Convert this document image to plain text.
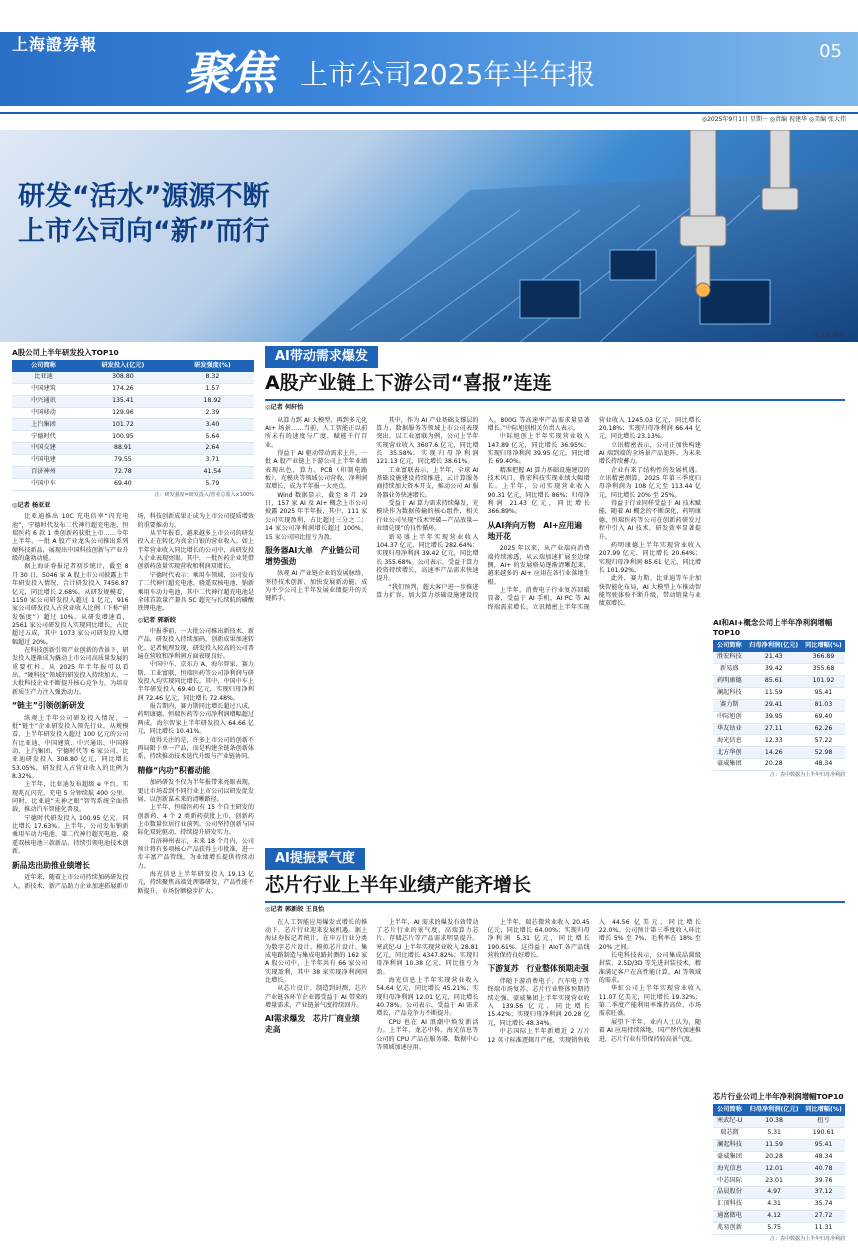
上海證券報
聚焦 上市公司2025年半年报
05
◎2025年9月1日 星期一 ◎责编 祝建华 ◎美编 张大伟
研发“活水”源源不断
上市公司向“新”而行
张大伟 制图
A股公司上半年研发投入TOP10
公司简称	研发投入(亿元)	研发强度(%)
比亚迪	308.80	8.32
中国建筑	174.26	1.57
中兴通讯	135.41	18.92
中国移动	129.96	2.39
上汽集团	101.72	3.40
宁德时代	100.95	5.64
中国交建	88.91	2.64
中国电建	79.55	3.71
百济神州	72.78	41.54
中国中车	69.40	5.79
注：研发强度=研发投入/营业总收入×100%
◎记者 杨亚亚

比亚迪推出 10C 充电倍率“闪充电池”，宁德时代发布二代神行超充电池，恒瑞医药 6 款 1 类创新药获批上市……今年上半年，一批 A 股产业龙头公司推出系列硬科技新品，展现出中国科技创新与产业升级的蓬勃动能。

据上海证券报记者初步统计，截至 8 月 30 日，5046 家 A 股上市公司披露上半年研发投入情况，合计研发投入 7456.87 亿元，同比增长 2.68%。从研发规模看，1150 家公司研发投入超过 1 亿元，916 家公司研发投入占营业收入比例（下称“研发强度”）超过 10%。从研发增速看，2561 家公司研发投入实现同比增长，占比超过五成，其中 1073 家公司研发投入增幅超过 20%。

在科技创新引领产业创新的背景下，研发投入逐渐成为撬动上市公司高质量发展的重要杠杆。从 2025 年半年报可以看出，“硬科技”领域的研发投入持续加大，一大批科技企业不断提升核心竞争力，为培育新质生产力注入强劲动力。

“链主”引领创新研发

纵观上半年公司研发投入情况，一批“链主”企业研发投入领先行业。从规模看，上半年研发投入超过 100 亿元的公司有比亚迪、中国建筑、中兴通讯、中国移动、上汽集团、宁德时代等 6 家公司。比亚迪研发投入 308.80 亿元，同比增长 53.05%，研发投入占营业收入的比例为 8.32%。

上半年，比亚迪发布超级 e 平台，实现兆瓦闪充，充电 5 分钟续航 400 公里。同时，比亚迪“天神之眼”智驾系统全面搭载，推动汽车智能化普及。

宁德时代研发投入 100.95 亿元，同比增长 17.63%。上半年，公司发布钠新乘用车动力电池、第二代神行超充电池、骁遥双核电池三款新品，持续引领电池技术创新。

新品迭出助推业绩增长

近年来，随着上市公司持续加码研发投入，新技术、新产品助力企业加速拓展新市场，科技创新成果正成为上市公司提质增效的重要推动力。

从半年报看，越来越多上市公司的研发投入正在转化为真金白银的营业收入。如上半年营业收入同比增长的公司中，高研发投入企业表现亮眼。其中，一批医药企业凭借创新药放量实现营收和利润双增长。

宁德时代表示：乘用车领域，公司发布了二代神行超充电池、骁遥双核电池、钠新乘用车动力电池，其中二代神行超充电池是全球首款量产兼具 5C 超充与长续航的磷酸铁锂电池。

◎记者 郭新皎

中报季前，一大批公司推出新技术、新产品，研发投入持续加码，创新成果加速转化。记者梳理发现，研发投入较高的公司普遍在营收和净利润方面表现良好。

中国中车、京东方 A、海尔智家、赛力斯、工业富联、恒瑞医药等公司净利润与研发投入均实现同比增长。其中，中国中车上半年研发投入 69.40 亿元，实现归母净利润 72.46 亿元，同比增长 72.48%。

报告期内，赛力斯同比增长超过八成，药明康德、恒瑞医药等公司净利润增幅超过两成。海尔智家上半年研发投入 64.66 亿元，同比增长 10.41%。

值得关注的是，许多上市公司的创新不再局限于单一产品，而是构建全链条创新体系，持续推动技术迭代升级与产业链协同。

精修“内功”积蓄动能

加码研发不仅为半年报带来亮眼表现，更让市场看到不同行业上市公司以研发促发展、以创新谋未来的清晰路径。

上半年，恒瑞医药有 15 个自主研发的创新药、4 个 2 类新药获批上市，创新药上市数量位居行业前列。公司坚持创新与国际化双轮驱动，持续提升研发实力。

百济神州表示，未来 18 个月内，公司预计将有多项核心产品获得上市批准，进一步丰富产品管线，为业绩增长提供持续动力。

海光信息上半年研发投入 19.13 亿元，持续聚焦高端处理器研发，产品性能不断提升，市场份额稳步扩大。

AI带动需求爆发
A股产业链上下游公司“喜报”连连
◎记者 何轩怡

从算力到 AI 大模型，再到多元化 AI+ 场景……当前，人工智能正以前所未有的速度与广度，赋能千行百业。

得益于 AI 驱动带动需求上升，一批 A 股产业链上下游公司上半年业绩表现出色，算力、PCB（印制电路板）、光模块等领域公司营收、净利润双增长，成为半年报一大亮点。

Wind 数据显示，截至 8 月 29 日，157 家 AI 及 AI+ 概念上市公司披露 2025 年半年报，其中，111 家公司实现盈利，占比超过三分之二；14 家公司净利润增长超过 100%，15 家公司同比扭亏为盈。

服务器AI大单　产业链公司增势强劲

纵观 AI 产业链企业的发展脉络，坚持技术创新、加快发展新动能，成为不少公司上半年发展业绩提升的关键抓手。

其中，作为 AI 产业基础支撑层的算力、数据服务等领域上市公司表现突出。以工业富联为例，公司上半年实现营业收入 3607.6 亿元，同比增长 35.58%；实现归母净利润 121.13 亿元，同比增长 38.61%。

工业富联表示，上半年，全球 AI 基础设施建设持续推进，云计算服务商持续加大资本开支，推动公司 AI 服务器业务快速增长。

受益于 AI 算力需求持续爆发，光模块作为数据传输的核心组件，相关行业公司呈现“技术突破—产品放量—业绩兑现”的良性循环。

新易盛上半年实现营业收入 104.37 亿元，同比增长 282.64%；实现归母净利润 39.42 亿元，同比增长 355.68%。公司表示，受益于算力投资持续增长，高速率产品需求快速提升。

“我们预判，超大客户进一步推进算力扩容，加大算力基础设施建设投入，800G 等高速率产品需求量显著增长。”中际旭创相关负责人表示。

中际旭创上半年实现营业收入 147.89 亿元，同比增长 36.95%；实现归母净利润 39.95 亿元，同比增长 69.40%。

精准把握 AI 算力基础设施建设的技术风口，胜宏科技实现业绩大幅增长。上半年，公司实现营业收入 90.31 亿元，同比增长 86%；归母净利润 21.43 亿元，同比增长 366.89%。

从AI奔向万物　AI+应用遍地开花

2025 年以来，从产业端向消费端持续渗透，从云端加速扩展至边缘侧，AI+ 的发展格局逐渐清晰起来，越来越多的 AI+ 应用在各行业落地生根。

上半年，消费电子行业复苏回暖显著，受益于 AI 手机、AI PC 等 AI 终端需求增长，立讯精密上半年实现营业收入 1245.03 亿元，同比增长 20.18%；实现归母净利润 66.44 亿元，同比增长 23.13%。

立讯精密表示，公司正加快构建 AI 端到端的全场景产品矩阵，为未来增长持续蓄力。

企业有来了结构性的发展机遇。立讯精密测算，2025 年第三季度归母净利润为 108 亿元至 113.44 亿元，同比增长 20% 至 25%。

得益于行业同样受益于 AI 技术赋能，随着 AI 概念的不断深化，药明康德、恒瑞医药等公司在创新药研发过程中引入 AI 技术，研发效率显著提升。

药明康德上半年实现营业收入 207.99 亿元，同比增长 20.64%；实现归母净利润 85.61 亿元，同比增长 101.92%。

此外，赛力斯、比亚迪等车企加快智能化布局，AI 大模型上车推动智能驾驶体验不断升级，带动销量与业绩双增长。

AI和AI+概念公司上半年净利润增幅TOP10
公司简称	归母净利润(亿元)	同比增幅(%)
胜宏科技	21.43	366.89
新易盛	39.42	355.68
药明康德	85.61	101.92
澜起科技	11.59	95.41
赛力斯	29.41	81.03
中际旭创	39.95	69.40
华友钴业	27.11	62.26
海光信息	12.33	57.22
北方华创	14.26	52.98
豪威集团	20.28	48.34
注：表中数据为上半年归母净利润
AI提振景气度
芯片行业上半年业绩产能齐增长
◎记者 郭新皎 王良怡

在人工智能应用爆发式增长的推动下，芯片行业迎来发展机遇。据上海证券报记者统计，在申万行业分类为数字芯片设计、模拟芯片设计、集成电路制造与集成电路封测的 162 家 A 股公司中，上半年共有 66 家公司实现盈利，其中 38 家实现净利润同比增长。

从芯片设计、制造到封测，芯片产业链各环节企业都受益于 AI 带来的增量需求，产业链景气度持续回升。

AI需求爆发　芯片厂商业绩走高

上半年，AI 需求的爆发有效带动了芯片行业的景气度，高端算力芯片、存储芯片等产品需求明显提升。寒武纪-U 上半年实现营业收入 28.81 亿元，同比增长 4347.82%；实现归母净利润 10.38 亿元，同比扭亏为盈。

海光信息上半年实现营业收入 54.64 亿元，同比增长 45.21%；实现归母净利润 12.01 亿元，同比增长 40.78%。公司表示，受益于 AI 需求增长，产品竞争力不断提升。

CPU 也在 AI 浪潮中焕发新活力。上半年，龙芯中科、海光信息等公司的 CPU 产品在服务器、数据中心等领域加速应用。

上半年，瑞芯微营业收入 20.45 亿元，同比增长 64.00%；实现归母净利润 5.31 亿元，同比增长 190.61%，这得益于 AIoT 各产品线营收保持良好增长。

下游复苏　行业整体预期走强

伴随下游消费电子、汽车电子等终端市场复苏，芯片行业整体预期持续走强。豪威集团上半年实现营业收入 139.56 亿元，同比增长 15.42%；实现归母净利润 20.28 亿元，同比增长 48.34%。

中芯国际上半年新增近 2 万片 12 英寸标准逻辑月产能，实现销售收入 44.56 亿美元，同比增长 22.0%。公司预计第三季度收入环比增长 5% 至 7%，毛利率在 18% 至 20% 之间。

长电科技表示，公司集成晶圆级封装、2.5D/3D 等先进封装技术，精准满足客户在高性能计算、AI 等领域的需求。

华虹公司上半年实现营业收入 11.07 亿美元，同比增长 19.32%；第二季度产能利用率维持高位，市场需求旺盛。

展望下半年，业内人士认为，随着 AI 应用持续落地、国产替代加速推进，芯片行业有望保持较高景气度。

芯片行业公司上半年净利润增幅TOP10
公司简称	归母净利润(亿元)	同比增幅(%)
寒武纪-U	10.38	扭亏
瑞芯微	5.31	190.61
澜起科技	11.59	95.41
豪威集团	20.28	48.34
海光信息	12.01	40.78
中芯国际	23.01	39.76
晶晨股份	4.97	37.12
汇顶科技	4.31	35.74
通富微电	4.12	27.72
兆易创新	5.75	11.31
注：表中数据为上半年归母净利润
